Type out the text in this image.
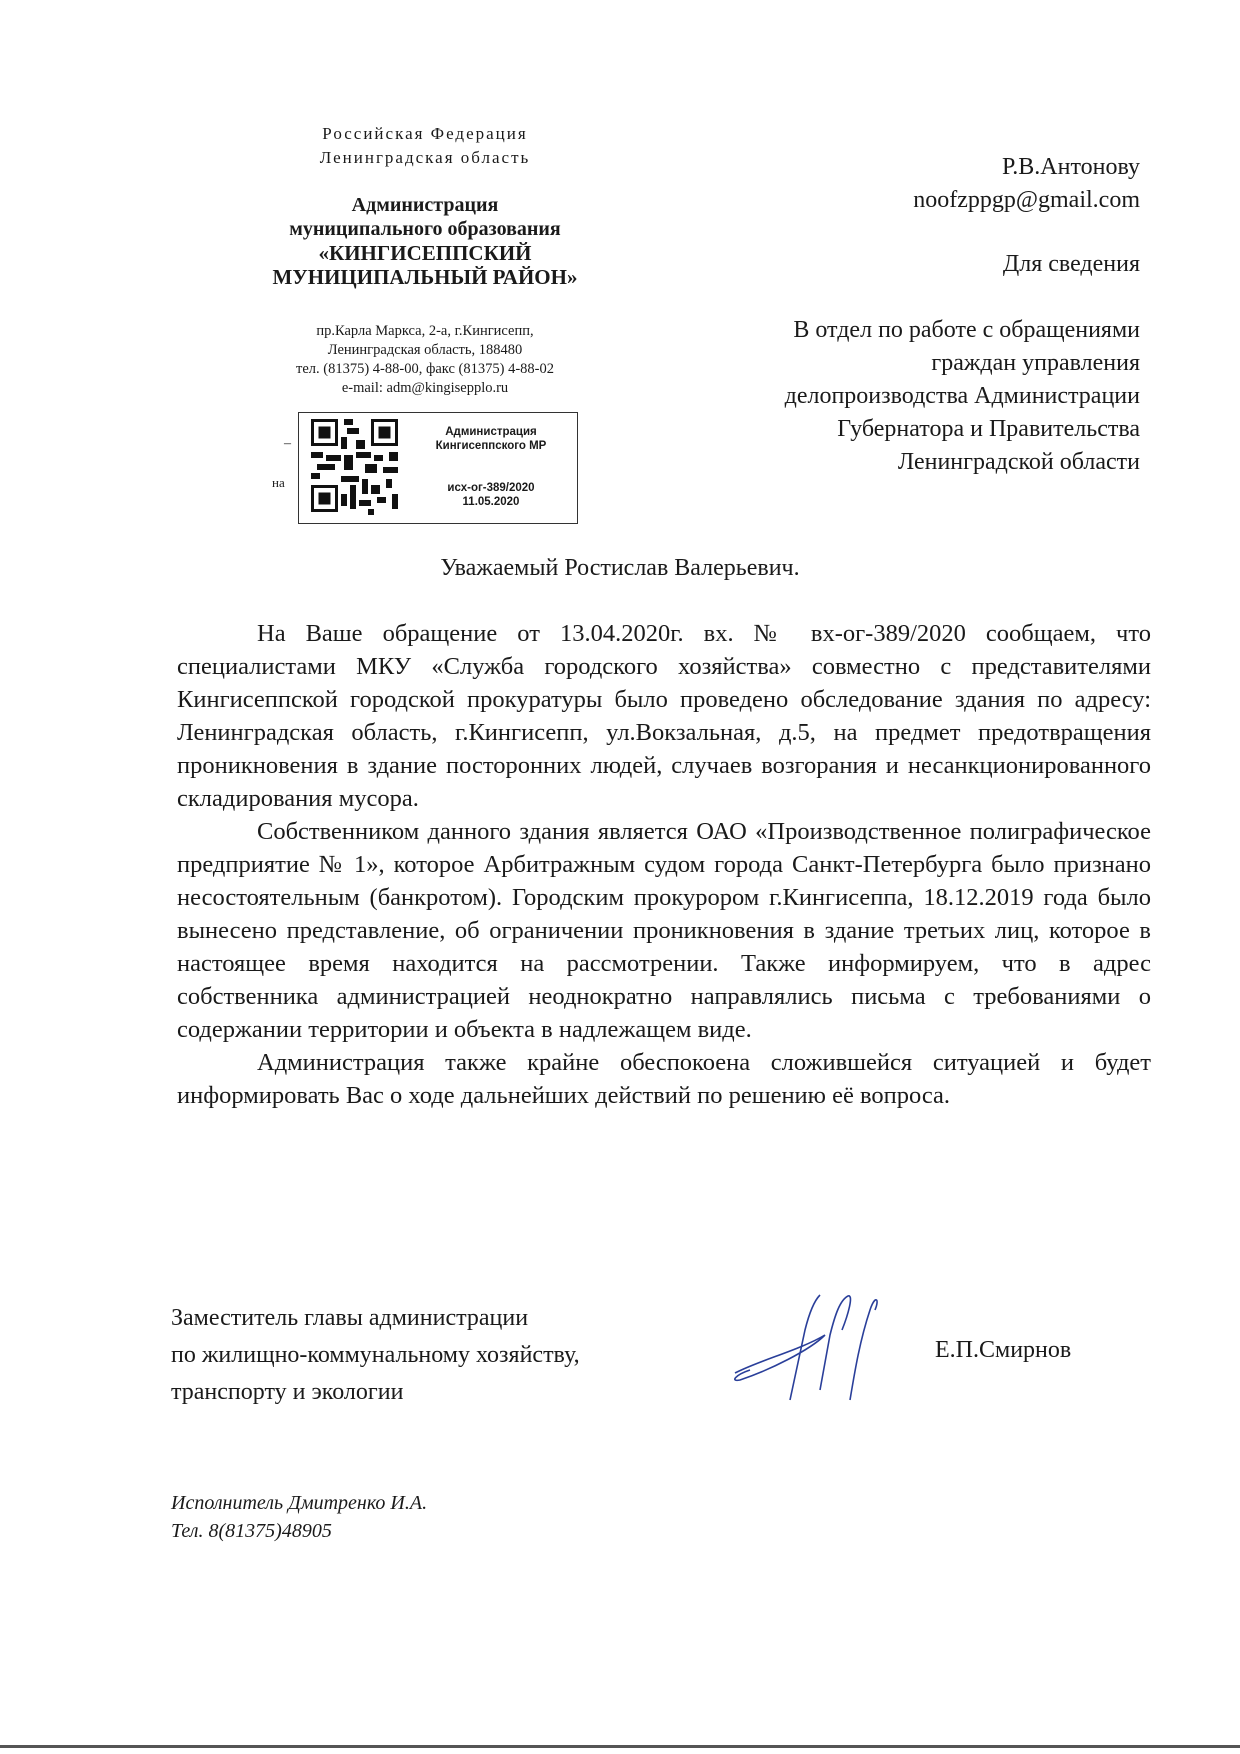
Российская Федерация
Ленинградская область
Администрация
муниципального образования
«КИНГИСЕППСКИЙ
МУНИЦИПАЛЬНЫЙ РАЙОН»
пр.Карла Маркса, 2-а, г.Кингисепп,
Ленинградская область, 188480
тел. (81375) 4-88-00, факс (81375) 4-88-02
e-mail: adm@kingisepplo.ru
–
на
Администрация
Кингисеппского МР
исх-ог-389/2020
11.05.2020
Р.В.Антонову
noofzppgp@gmail.com
Для сведения
В отдел по работе с обращениями
граждан управления
делопроизводства Администрации
Губернатора и Правительства
Ленинградской области
Уважаемый Ростислав Валерьевич.

На Ваше обращение от 13.04.2020г. вх. № вх-ог-389/2020 сообщаем, что специалистами МКУ «Служба городского хозяйства» совместно с представителями Кингисеппской городской прокуратуры было проведено обследование здания по адресу: Ленинградская область, г.Кингисепп, ул.Вокзальная, д.5, на предмет предотвращения проникновения в здание посторонних людей, случаев возгорания и несанкционированного складирования мусора.

Собственником данного здания является ОАО «Производственное полиграфическое предприятие № 1», которое Арбитражным судом города Санкт-Петербурга было признано несостоятельным (банкротом). Городским прокурором г.Кингисеппа, 18.12.2019 года было вынесено представление, об ограничении проникновения в здание третьих лиц, которое в настоящее время находится на рассмотрении. Также информируем, что в адрес собственника администрацией неоднократно направлялись письма с требованиями о содержании территории и объекта в надлежащем виде.

Администрация также крайне обеспокоена сложившейся ситуацией и будет информировать Вас о ходе дальнейших действий по решению её вопроса.

Заместитель главы администрации
по жилищно-коммунальному хозяйству,
транспорту и экологии
Е.П.Смирнов
Исполнитель Дмитренко И.А.
Тел. 8(81375)48905
